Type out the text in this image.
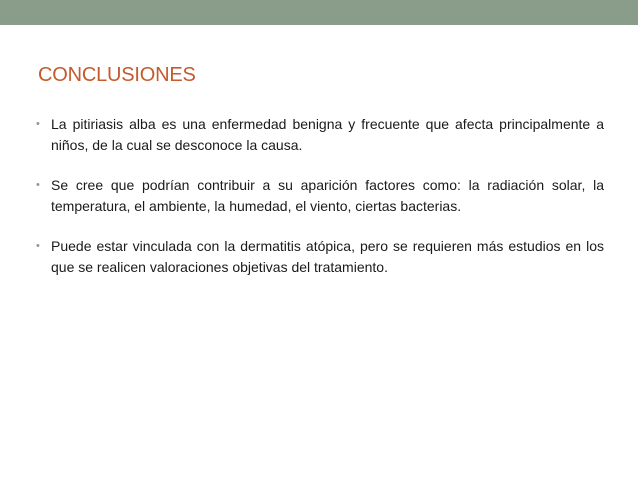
CONCLUSIONES
• La pitiriasis alba es una enfermedad benigna y frecuente que afecta principalmente a niños, de la cual se desconoce la causa.
• Se cree que podrían contribuir a su aparición factores como: la radiación solar, la temperatura, el ambiente, la humedad, el viento, ciertas bacterias.
• Puede estar vinculada con la dermatitis atópica, pero se requieren más estudios en los que se realicen valoraciones objetivas del tratamiento.
